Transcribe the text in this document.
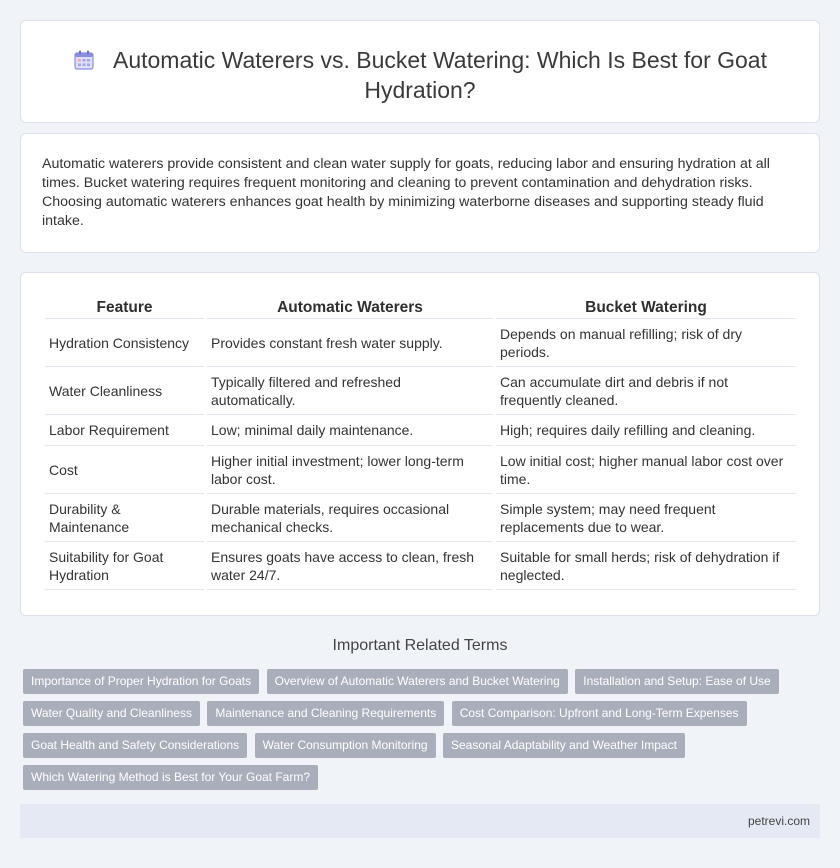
Automatic Waterers vs. Bucket Watering: Which Is Best for Goat Hydration?

Automatic waterers provide consistent and clean water supply for goats, reducing labor and ensuring hydration at all times. Bucket watering requires frequent monitoring and cleaning to prevent contamination and dehydration risks. Choosing automatic waterers enhances goat health by minimizing waterborne diseases and supporting steady fluid intake.

Feature	Automatic Waterers	Bucket Watering
Hydration Consistency	Provides constant fresh water supply.	Depends on manual refilling; risk of dry periods.
Water Cleanliness	Typically filtered and refreshed automatically.	Can accumulate dirt and debris if not frequently cleaned.
Labor Requirement	Low; minimal daily maintenance.	High; requires daily refilling and cleaning.
Cost	Higher initial investment; lower long-term labor cost.	Low initial cost; higher manual labor cost over time.
Durability & Maintenance	Durable materials, requires occasional mechanical checks.	Simple system; may need frequent replacements due to wear.
Suitability for Goat Hydration	Ensures goats have access to clean, fresh water 24/7.	Suitable for small herds; risk of dehydration if neglected.
Important Related Terms
Importance of Proper Hydration for Goats Overview of Automatic Waterers and Bucket Watering Installation and Setup: Ease of Use
Water Quality and Cleanliness Maintenance and Cleaning Requirements Cost Comparison: Upfront and Long-Term Expenses
Goat Health and Safety Considerations Water Consumption Monitoring Seasonal Adaptability and Weather Impact
Which Watering Method is Best for Your Goat Farm?
petrevi.com
